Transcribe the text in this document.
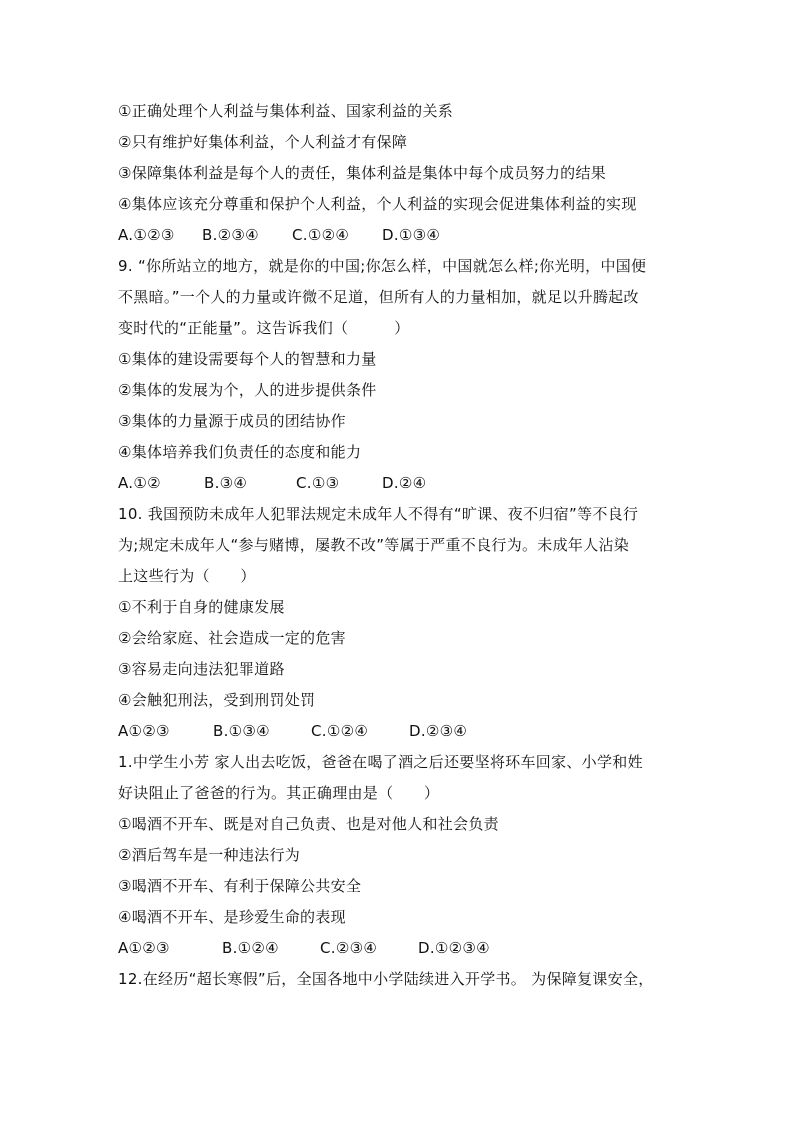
①正确处理个人利益与集体利益、国家利益的关系
②只有维护好集体利益，个人利益才有保障
③保障集体利益是每个人的责任，集体利益是集体中每个成员努力的结果
④集体应该充分尊重和保护个人利益，个人利益的实现会促进集体利益的实现
A.①②③	B.②③④	C.①②④	D.①③④
9. “你所站立的地方，就是你的中国;你怎么样，中国就怎么样;你光明，中国便
不黑暗。”一个人的力量或许微不足道，但所有人的力量相加，就足以升腾起改
变时代的“正能量”。这告诉我们（　　　）
①集体的建设需要每个人的智慧和力量
②集体的发展为个，人的进步提供条件
③集体的力量源于成员的团结协作
④集体培养我们负责任的态度和能力
A.①②	B.③④	C.①③	D.②④
10. 我国预防未成年人犯罪法规定未成年人不得有“旷课、夜不归宿”等不良行
为;规定未成年人“参与赌博，屡教不改”等属于严重不良行为。未成年人沾染
上这些行为（　　）
①不利于自身的健康发展
②会给家庭、社会造成一定的危害
③容易走向违法犯罪道路
④会触犯刑法，受到刑罚处罚
A①②③	B.①③④	C.①②④	D.②③④
1.中学生小芳 家人出去吃饭，爸爸在喝了酒之后还要坚将环车回家、小学和姓
好诀阻止了爸爸的行为。其正确理由是（　　）
①喝酒不开车、既是对自己负责、也是对他人和社会负责
②酒后驾车是一种违法行为
③喝酒不开车、有利于保障公共安全
④喝酒不开车、是珍爱生命的表现
A①②③	B.①②④	C.②③④	D.①②③④
12.在经历“超长寒假”后，全国各地中小学陆续进入开学书。 为保障复课安全，
